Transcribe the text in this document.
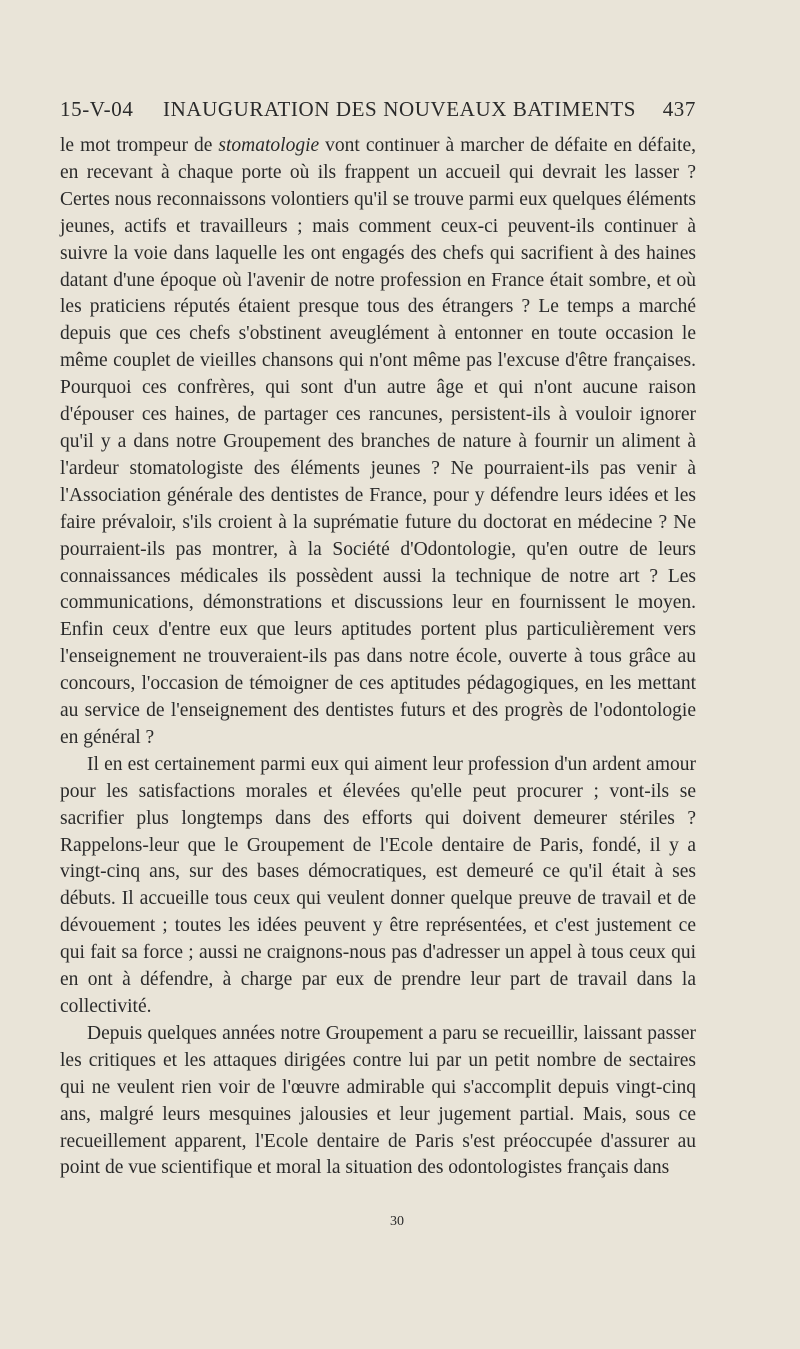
15-V-04 INAUGURATION DES NOUVEAUX BATIMENTS 437

le mot trompeur de stomatologie vont continuer à marcher de défaite en défaite, en recevant à chaque porte où ils frappent un accueil qui devrait les lasser ? Certes nous reconnaissons volontiers qu'il se trouve parmi eux quelques éléments jeunes, actifs et travailleurs ; mais comment ceux-ci peuvent-ils continuer à suivre la voie dans laquelle les ont engagés des chefs qui sacrifient à des haines datant d'une époque où l'avenir de notre profession en France était sombre, et où les praticiens réputés étaient presque tous des étrangers ? Le temps a marché depuis que ces chefs s'obstinent aveuglément à entonner en toute occasion le même couplet de vieilles chansons qui n'ont même pas l'excuse d'être françaises. Pourquoi ces confrères, qui sont d'un autre âge et qui n'ont aucune raison d'épouser ces haines, de partager ces rancunes, persistent-ils à vouloir ignorer qu'il y a dans notre Groupement des branches de nature à fournir un aliment à l'ardeur stomatologiste des éléments jeunes ? Ne pourraient-ils pas venir à l'Association générale des dentistes de France, pour y défendre leurs idées et les faire prévaloir, s'ils croient à la suprématie future du doctorat en médecine ? Ne pourraient-ils pas montrer, à la Société d'Odontologie, qu'en outre de leurs connaissances médicales ils possèdent aussi la technique de notre art ? Les communications, démonstrations et discussions leur en fournissent le moyen. Enfin ceux d'entre eux que leurs aptitudes portent plus particulièrement vers l'enseignement ne trouveraient-ils pas dans notre école, ouverte à tous grâce au concours, l'occasion de témoigner de ces aptitudes pédagogiques, en les mettant au service de l'enseignement des dentistes futurs et des progrès de l'odontologie en général ?

Il en est certainement parmi eux qui aiment leur profession d'un ardent amour pour les satisfactions morales et élevées qu'elle peut procurer ; vont-ils se sacrifier plus longtemps dans des efforts qui doivent demeurer stériles ? Rappelons-leur que le Groupement de l'Ecole dentaire de Paris, fondé, il y a vingt-cinq ans, sur des bases démocratiques, est demeuré ce qu'il était à ses débuts. Il accueille tous ceux qui veulent donner quelque preuve de travail et de dévouement ; toutes les idées peuvent y être représentées, et c'est justement ce qui fait sa force ; aussi ne craignons-nous pas d'adresser un appel à tous ceux qui en ont à défendre, à charge par eux de prendre leur part de travail dans la collectivité.

Depuis quelques années notre Groupement a paru se recueillir, laissant passer les critiques et les attaques dirigées contre lui par un petit nombre de sectaires qui ne veulent rien voir de l'œuvre admirable qui s'accomplit depuis vingt-cinq ans, malgré leurs mesquines jalousies et leur jugement partial. Mais, sous ce recueillement apparent, l'Ecole dentaire de Paris s'est préoccupée d'assurer au point de vue scientifique et moral la situation des odontologistes français dans

30
